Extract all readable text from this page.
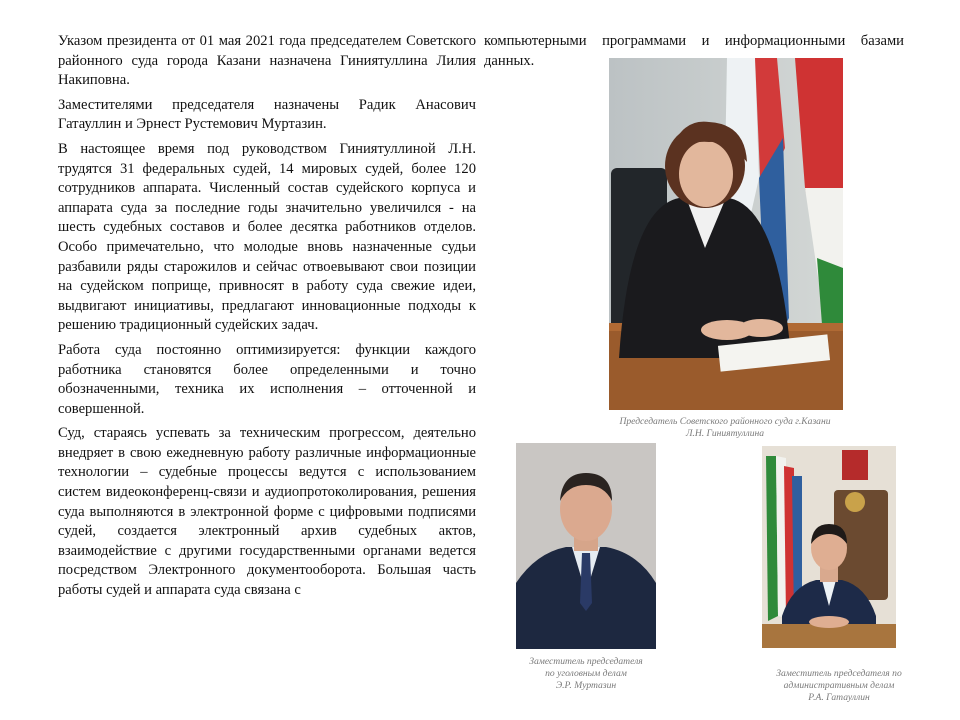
Указом президента от 01 мая 2021 года председателем Советского районного суда города Казани назначена Гиниятуллина Лилия Накиповна.

Заместителями председателя назначены Радик Анасович Гатауллин и Эрнест Рустемович Муртазин.

В настоящее время под руководством Гиниятуллиной Л.Н. трудятся 31 федеральных судей, 14 мировых судей, более 120 сотрудников аппарата. Численный состав судейского корпуса и аппарата суда за последние годы значительно увеличился - на шесть судебных составов и более десятка работников отделов. Особо примечательно, что молодые вновь назначенные судьи разбавили ряды старожилов и сейчас отвоевывают свои позиции на судейском поприще, привносят в работу суда свежие идеи, выдвигают инициативы, предлагают инновационные подходы к решению традиционный судейских задач.

Работа суда постоянно оптимизируется: функции каждого работника становятся более определенными и точно обозначенными, техника их исполнения – отточенной и совершенной.

Суд, стараясь успевать за техническим прогрессом, деятельно внедряет в свою ежедневную работу различные информационные технологии – судебные процессы ведутся с использованием систем видеоконференц-связи и аудиопротоколирования, решения суда выполняются в электронной форме с цифровыми подписями судей, создается электронный архив судебных актов, взаимодействие с другими государственными органами ведется посредством Электронного документооборота. Большая часть работы судей и аппарата суда связана с

компьютерными программами и информационными базами данных.

Председатель Советского районного суда г.Казани
Л.Н. Гиниятуллина
Заместитель председателя
по уголовным делам
Э.Р. Муртазин
Заместитель председателя по
административным делам
Р.А. Гатауллин
